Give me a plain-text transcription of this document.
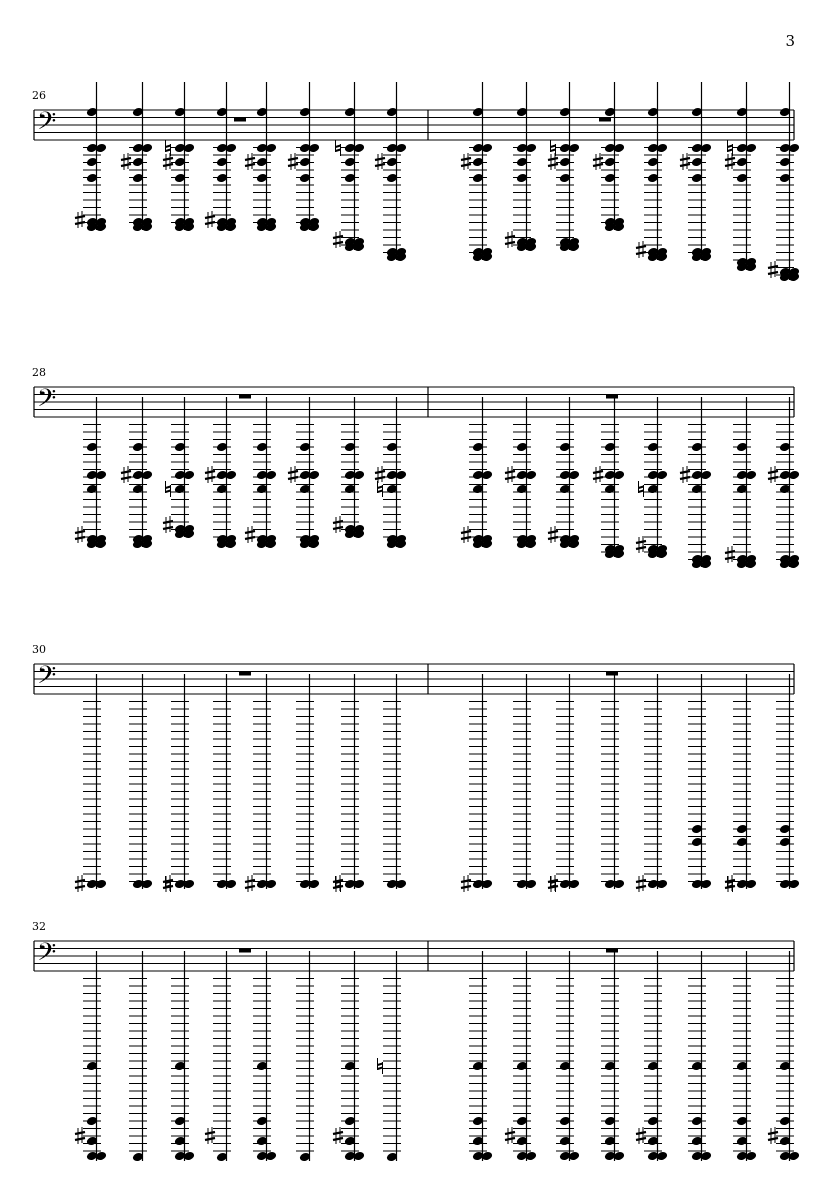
3
26
28
30
32
𝄢
𝄢
𝄢
𝄢
